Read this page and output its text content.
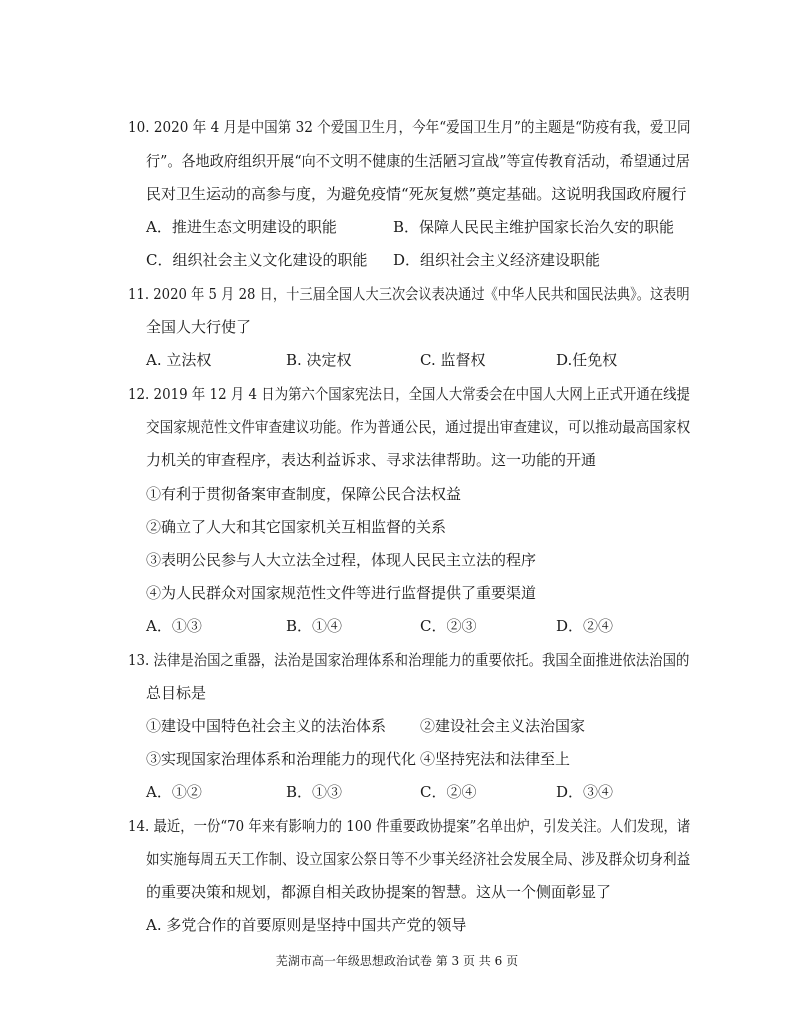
10. 2020 年 4 月是中国第 32 个爱国卫生月，今年“爱国卫生月”的主题是“防疫有我，爱卫同
行”。各地政府组织开展“向不文明不健康的生活陋习宣战”等宣传教育活动，希望通过居
民对卫生运动的高参与度，为避免疫情“死灰复燃”奠定基础。这说明我国政府履行
A．推进生态文明建设的职能	B．保障人民民主维护国家长治久安的职能
C．组织社会主义文化建设的职能 D．组织社会主义经济建设职能
11. 2020 年 5 月 28 日，十三届全国人大三次会议表决通过《中华人民共和国民法典》。这表明
全国人大行使了
A. 立法权	B. 决定权	C. 监督权	D.任免权
12. 2019 年 12 月 4 日为第六个国家宪法日，全国人大常委会在中国人大网上正式开通在线提
交国家规范性文件审查建议功能。作为普通公民，通过提出审查建议，可以推动最高国家权
力机关的审查程序，表达利益诉求、寻求法律帮助。这一功能的开通
①有利于贯彻备案审查制度，保障公民合法权益
②确立了人大和其它国家机关互相监督的关系
③表明公民参与人大立法全过程，体现人民民主立法的程序
④为人民群众对国家规范性文件等进行监督提供了重要渠道
A．①③	B．①④	C．②③	D．②④
13. 法律是治国之重器，法治是国家治理体系和治理能力的重要依托。我国全面推进依法治国的
总目标是
①建设中国特色社会主义的法治体系 ②建设社会主义法治国家
③实现国家治理体系和治理能力的现代化 ④坚持宪法和法律至上
A．①②	B．①③	C．②④	D．③④
14. 最近，一份“70 年来有影响力的 100 件重要政协提案”名单出炉，引发关注。人们发现，诸
如实施每周五天工作制、设立国家公祭日等不少事关经济社会发展全局、涉及群众切身利益
的重要决策和规划，都源自相关政协提案的智慧。这从一个侧面彰显了
A. 多党合作的首要原则是坚持中国共产党的领导
芜湖市高一年级思想政治试卷 第 3 页 共 6 页
